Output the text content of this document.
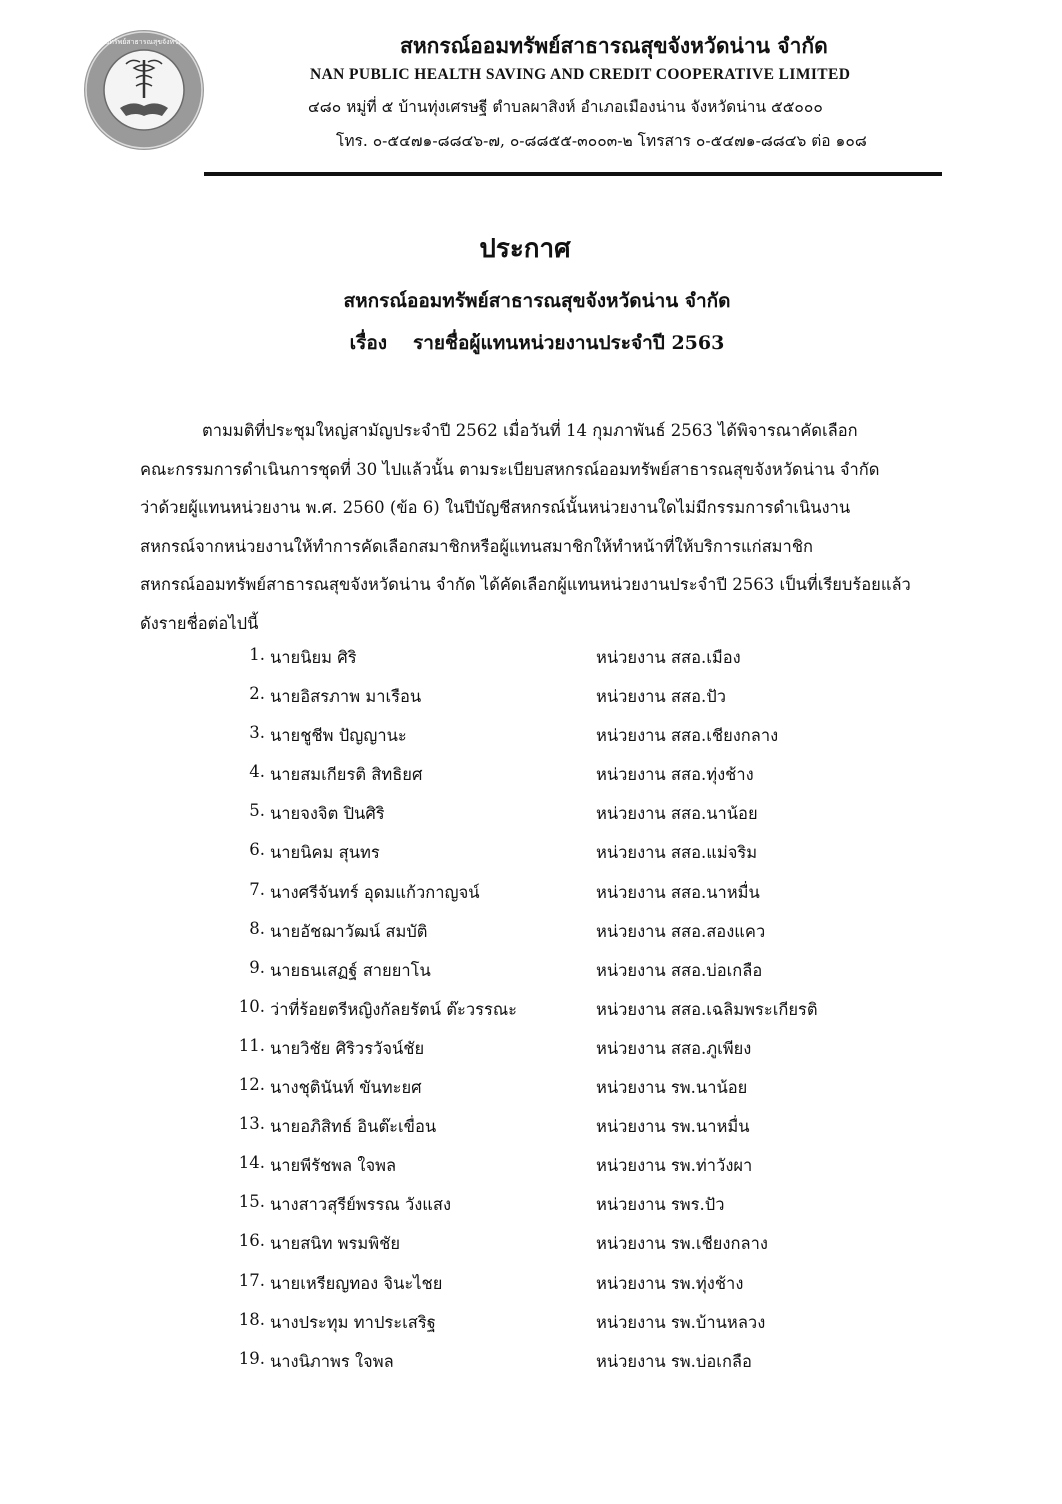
สหกรณ์ออมทรัพย์สาธารณสุขจังหวัดน่าน จำกัด	สหกรณ์ออมทรัพย์สาธารณสุขจังหวัดน่าน จำกัด
NAN PUBLIC HEALTH SAVING AND CREDIT COOPERATIVE LIMITED
๔๘๐ หมู่ที่ ๕ บ้านทุ่งเศรษฐี ตำบลผาสิงห์ อำเภอเมืองน่าน จังหวัดน่าน ๕๕๐๐๐
โทร. ๐-๕๔๗๑-๘๘๔๖-๗, ๐-๘๘๕๕-๓๐๐๓-๒ โทรสาร ๐-๕๔๗๑-๘๘๔๖ ต่อ ๑๐๘
ประกาศ
สหกรณ์ออมทรัพย์สาธารณสุขจังหวัดน่าน จำกัด
เรื่อง รายชื่อผู้แทนหน่วยงานประจำปี 2563
ตามมติที่ประชุมใหญ่สามัญประจำปี 2562 เมื่อวันที่ 14 กุมภาพันธ์ 2563 ได้พิจารณาคัดเลือก
คณะกรรมการดำเนินการชุดที่ 30 ไปแล้วนั้น ตามระเบียบสหกรณ์ออมทรัพย์สาธารณสุขจังหวัดน่าน จำกัด
ว่าด้วยผู้แทนหน่วยงาน พ.ศ. 2560 (ข้อ 6) ในปีบัญชีสหกรณ์นั้นหน่วยงานใดไม่มีกรรมการดำเนินงาน
สหกรณ์จากหน่วยงานให้ทำการคัดเลือกสมาชิกหรือผู้แทนสมาชิกให้ทำหน้าที่ให้บริการแก่สมาชิก
สหกรณ์ออมทรัพย์สาธารณสุขจังหวัดน่าน จำกัด ได้คัดเลือกผู้แทนหน่วยงานประจำปี 2563 เป็นที่เรียบร้อยแล้ว
ดังรายชื่อต่อไปนี้
1. นายนิยม ศิริ	หน่วยงาน สสอ.เมือง
2. นายอิสรภาพ มาเรือน	หน่วยงาน สสอ.ปัว
3. นายชูชีพ ปัญญานะ	หน่วยงาน สสอ.เชียงกลาง
4. นายสมเกียรติ สิทธิยศ	หน่วยงาน สสอ.ทุ่งช้าง
5. นายจงจิต ปินศิริ	หน่วยงาน สสอ.นาน้อย
6. นายนิคม สุนทร	หน่วยงาน สสอ.แม่จริม
7. นางศรีจันทร์ อุดมแก้วกาญจน์	หน่วยงาน สสอ.นาหมื่น
8. นายอัชฌาวัฒน์ สมบัติ	หน่วยงาน สสอ.สองแคว
9. นายธนเสฏฐ์ สายยาโน	หน่วยงาน สสอ.บ่อเกลือ
10. ว่าที่ร้อยตรีหญิงกัลยรัตน์ ต๊ะวรรณะ	หน่วยงาน สสอ.เฉลิมพระเกียรติ
11. นายวิชัย ศิริวรวัจน์ชัย	หน่วยงาน สสอ.ภูเพียง
12. นางชุตินันท์ ขันทะยศ	หน่วยงาน รพ.นาน้อย
13. นายอภิสิทธ์ อินต๊ะเขื่อน	หน่วยงาน รพ.นาหมื่น
14. นายพีรัชพล ใจพล	หน่วยงาน รพ.ท่าวังผา
15. นางสาวสุรีย์พรรณ วังแสง	หน่วยงาน รพร.ปัว
16. นายสนิท พรมพิชัย	หน่วยงาน รพ.เชียงกลาง
17. นายเหรียญทอง จินะไชย	หน่วยงาน รพ.ทุ่งช้าง
18. นางประทุม ทาประเสริฐ	หน่วยงาน รพ.บ้านหลวง
19. นางนิภาพร ใจพล	หน่วยงาน รพ.บ่อเกลือ
